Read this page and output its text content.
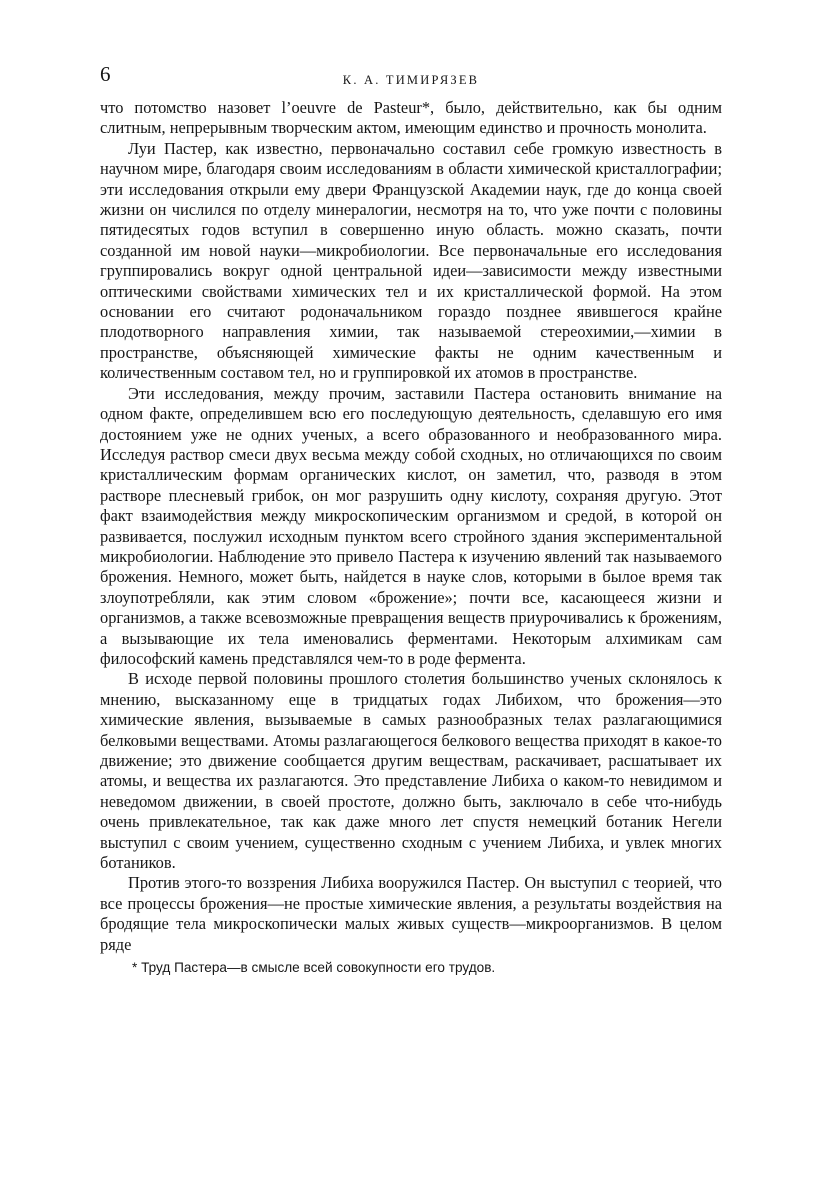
6	К. А. ТИМИРЯЗЕВ

что потомство назовет l’oeuvre de Pasteur*, было, действительно, как бы одним слитным, непрерывным творческим актом, имеющим единство и прочность монолита.

Луи Пастер, как известно, первоначально составил себе громкую известность в научном мире, благодаря своим исследованиям в области химической кристаллографии; эти исследования открыли ему двери Французской Академии наук, где до конца своей жизни он числился по отделу минералогии, несмотря на то, что уже почти с половины пятидесятых годов вступил в совершенно иную область. можно сказать, почти созданной им новой науки—микробиологии. Все первоначальные его исследования группировались вокруг одной центральной идеи—зависимости между известными оптическими свойствами химических тел и их кристаллической формой. На этом основании его считают родоначальником гораздо позднее явившегося крайне плодотворного направления химии, так называемой стереохимии,—химии в пространстве, объясняющей химические факты не одним качественным и количественным составом тел, но и группировкой их атомов в пространстве.

Эти исследования, между прочим, заставили Пастера остановить внимание на одном факте, определившем всю его последующую деятельность, сделавшую его имя достоянием уже не одних ученых, а всего образованного и необразованного мира. Исследуя раствор смеси двух весьма между собой сходных, но отличающихся по своим кристаллическим формам органических кислот, он заметил, что, разводя в этом растворе плесневый грибок, он мог разрушить одну кислоту, сохраняя другую. Этот факт взаимодействия между микроскопическим организмом и средой, в которой он развивается, послужил исходным пунктом всего стройного здания экспериментальной микробиологии. Наблюдение это привело Пастера к изучению явлений так называемого брожения. Немного, может быть, найдется в науке слов, которыми в былое время так злоупотребляли, как этим словом «брожение»; почти все, касающееся жизни и организмов, а также всевозможные превращения веществ приурочивались к брожениям, а вызывающие их тела именовались ферментами. Некоторым алхимикам сам философский камень представлялся чем-то в роде фермента.

В исходе первой половины прошлого столетия большинство ученых склонялось к мнению, высказанному еще в тридцатых годах Либихом, что брожения—это химические явления, вызываемые в самых разнообразных телах разлагающимися белковыми веществами. Атомы разлагающегося белкового вещества приходят в какое-то движение; это движение сообщается другим веществам, раскачивает, расшатывает их атомы, и вещества их разлагаются. Это представление Либиха о каком-то невидимом и неведомом движении, в своей простоте, должно быть, заключало в себе что-нибудь очень привлекательное, так как даже много лет спустя немецкий ботаник Негели выступил с своим учением, существенно сходным с учением Либиха, и увлек многих ботаников.

Против этого-то воззрения Либиха вооружился Пастер. Он выступил с теорией, что все процессы брожения—не простые химические явления, а результаты воздействия на бродящие тела микроскопически малых живых существ—микроорганизмов. В целом ряде

* Труд Пастера—в смысле всей совокупности его трудов.
